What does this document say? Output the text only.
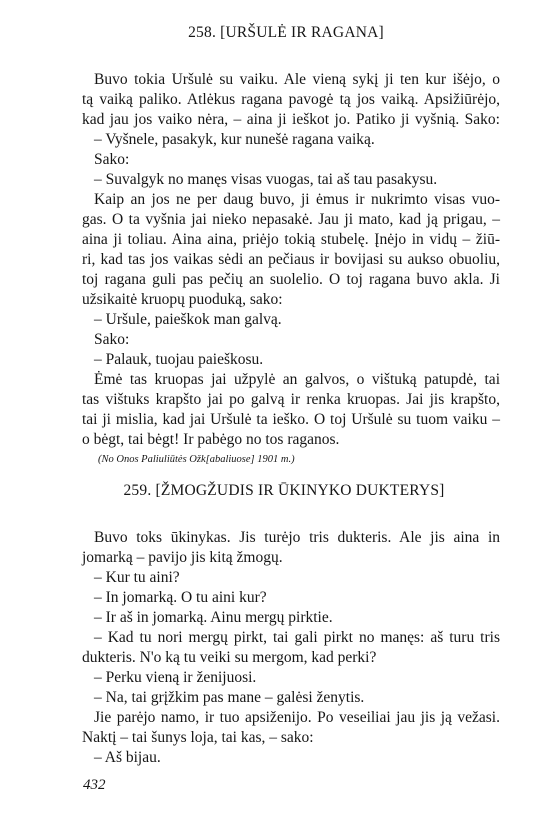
258. [URŠULĖ IR RAGANA]
Buvo tokia Uršulė su vaiku. Ale vieną sykį ji ten kur išėjo, o
tą vaiką paliko. Atlėkus ragana pavogė tą jos vaiką. Apsižiūrėjo,
kad jau jos vaiko nėra, – aina ji ieškot jo. Patiko ji vyšnią. Sako:
– Vyšnele, pasakyk, kur nunešė ragana vaiką.
Sako:
– Suvalgyk no manęs visas vuogas, tai aš tau pasakysu.
Kaip an jos ne per daug buvo, ji ėmus ir nukrimto visas vuo-
gas. O ta vyšnia jai nieko nepasakė. Jau ji mato, kad ją prigau, –
aina ji toliau. Aina aina, priėjo tokią stubelę. Įnėjo in vidų – žiū-
ri, kad tas jos vaikas sėdi an pečiaus ir bovijasi su aukso obuoliu,
toj ragana guli pas pečių an suolelio. O toj ragana buvo akla. Ji
užsikaitė kruopų puoduką, sako:
– Uršule, paieškok man galvą.
Sako:
– Palauk, tuojau paieškosu.
Ėmė tas kruopas jai užpylė an galvos, o vištuką patupdė, tai
tas vištuks krapšto jai po galvą ir renka kruopas. Jai jis krapšto,
tai ji mislia, kad jai Uršulė ta ieško. O toj Uršulė su tuom vaiku –
o bėgt, tai bėgt! Ir pabėgo no tos raganos.
(No Onos Paliuliūtės Ožk[abaliuose] 1901 m.)
259. [ŽMOGŽUDIS IR ŪKINYKO DUKTERYS]
Buvo toks ūkinykas. Jis turėjo tris dukteris. Ale jis aina in
jomarką – pavijo jis kitą žmogų.
– Kur tu aini?
– In jomarką. O tu aini kur?
– Ir aš in jomarką. Ainu mergų pirktie.
– Kad tu nori mergų pirkt, tai gali pirkt no manęs: aš turu tris
dukteris. N'o ką tu veiki su mergom, kad perki?
– Perku vieną ir ženijuosi.
– Na, tai grįžkim pas mane – galėsi ženytis.
Jie parėjo namo, ir tuo apsiženijo. Po veseiliai jau jis ją vežasi.
Naktį – tai šunys loja, tai kas, – sako:
– Aš bijau.
432
